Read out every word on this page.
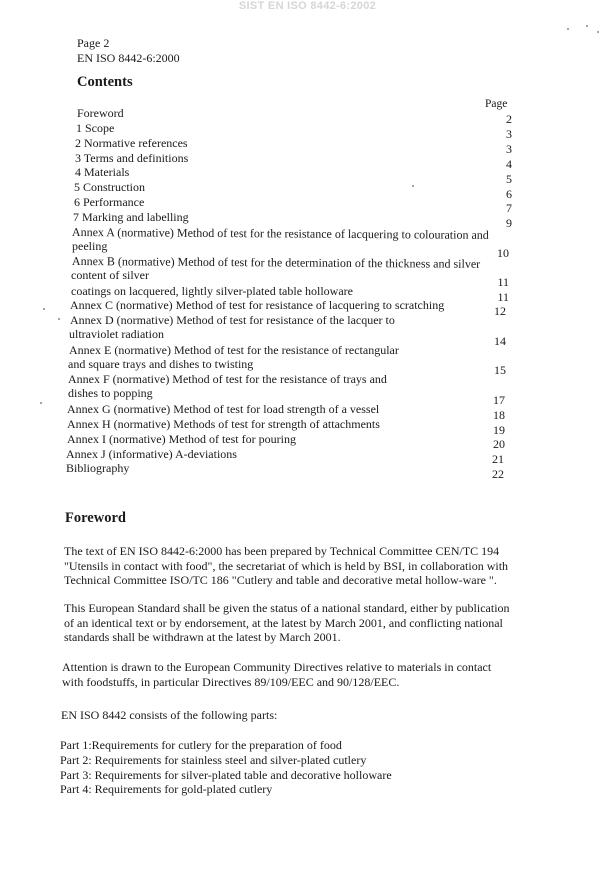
SIST EN ISO 8442-6:2002
Page 2
EN ISO 8442-6:2000
Contents
Page
Foreword	2
1 Scope	3
2 Normative references	3
3 Terms and definitions	4
4 Materials	5
5 Construction	6
6 Performance	7
7 Marking and labelling	9
Annex A (normative) Method of test for the resistance of lacquering to colouration and
peeling	10
Annex B (normative) Method of test for the determination of the thickness and silver
content of silver	11
coatings on lacquered, lightly silver-plated table holloware	11
Annex C (normative) Method of test for resistance of lacquering to scratching	12
Annex D (normative) Method of test for resistance of the lacquer to
ultraviolet radiation	14
Annex E (normative) Method of test for the resistance of rectangular
and square trays and dishes to twisting	15
Annex F (normative) Method of test for the resistance of trays and
dishes to popping	17
Annex G (normative) Method of test for load strength of a vessel	18
Annex H (normative) Methods of test for strength of attachments	19
Annex I (normative) Method of test for pouring	20
Annex J (informative) A-deviations	21
Bibliography	22
Foreword
The text of EN ISO 8442-6:2000 has been prepared by Technical Committee CEN/TC 194
"Utensils in contact with food", the secretariat of which is held by BSI, in collaboration with
Technical Committee ISO/TC 186 "Cutlery and table and decorative metal hollow-ware ".
This European Standard shall be given the status of a national standard, either by publication
of an identical text or by endorsement, at the latest by March 2001, and conflicting national
standards shall be withdrawn at the latest by March 2001.
Attention is drawn to the European Community Directives relative to materials in contact
with foodstuffs, in particular Directives 89/109/EEC and 90/128/EEC.
EN ISO 8442 consists of the following parts:
Part 1:Requirements for cutlery for the preparation of food
Part 2: Requirements for stainless steel and silver-plated cutlery
Part 3: Requirements for silver-plated table and decorative holloware
Part 4: Requirements for gold-plated cutlery
